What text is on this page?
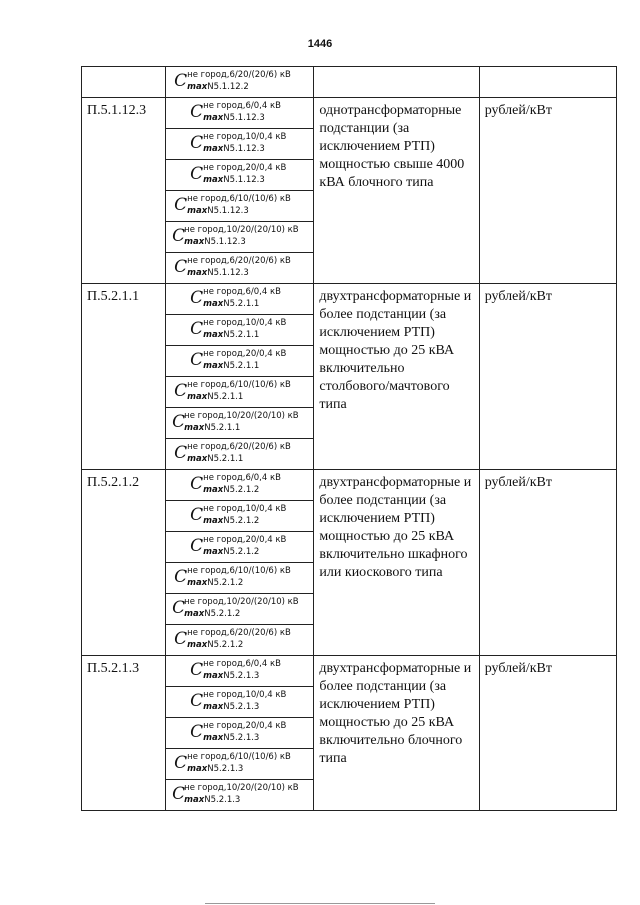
1446

	C не город,6/20/(20/6) кВ
maxN5.1.12.2		

П.5.1.12.3	C не город,6/0,4 кВ
maxN5.1.12.3	однотрансформаторные подстанции (за исключением РТП) мощностью свыше 4000 кВА блочного типа	рублей/кВт

	C не город,10/0,4 кВ
maxN5.1.12.3		

	C не город,20/0,4 кВ
maxN5.1.12.3		

	C не город,6/10/(10/6) кВ
maxN5.1.12.3		

	C
не город,10/20/(20/10) кВ
maxN5.1.12.3		

	C не город,6/20/(20/6) кВ
maxN5.1.12.3		

П.5.2.1.1	C не город,6/0,4 кВ
maxN5.2.1.1	двухтрансформаторные и более подстанции (за исключением РТП) мощностью до 25 кВА включительно столбового/мачтового типа	рублей/кВт

	C не город,10/0,4 кВ
maxN5.2.1.1		

	C не город,20/0,4 кВ
maxN5.2.1.1		

	C не город,6/10/(10/6) кВ
maxN5.2.1.1		

	C
не город,10/20/(20/10) кВ
maxN5.2.1.1		

	C не город,6/20/(20/6) кВ
maxN5.2.1.1		

П.5.2.1.2	C не город,6/0,4 кВ
maxN5.2.1.2	двухтрансформаторные и более подстанции (за исключением РТП) мощностью до 25 кВА включительно шкафного или киоскового типа	рублей/кВт

	C не город,10/0,4 кВ
maxN5.2.1.2		

	C не город,20/0,4 кВ
maxN5.2.1.2		

	C не город,6/10/(10/6) кВ
maxN5.2.1.2		

	C
не город,10/20/(20/10) кВ
maxN5.2.1.2		

	C не город,6/20/(20/6) кВ
maxN5.2.1.2		

П.5.2.1.3	C не город,6/0,4 кВ
maxN5.2.1.3	двухтрансформаторные и более подстанции (за исключением РТП) мощностью до 25 кВА включительно блочного типа	рублей/кВт

	C не город,10/0,4 кВ
maxN5.2.1.3		

	C не город,20/0,4 кВ
maxN5.2.1.3		

	C не город,6/10/(10/6) кВ
maxN5.2.1.3		

	C
не город,10/20/(20/10) кВ
maxN5.2.1.3		
